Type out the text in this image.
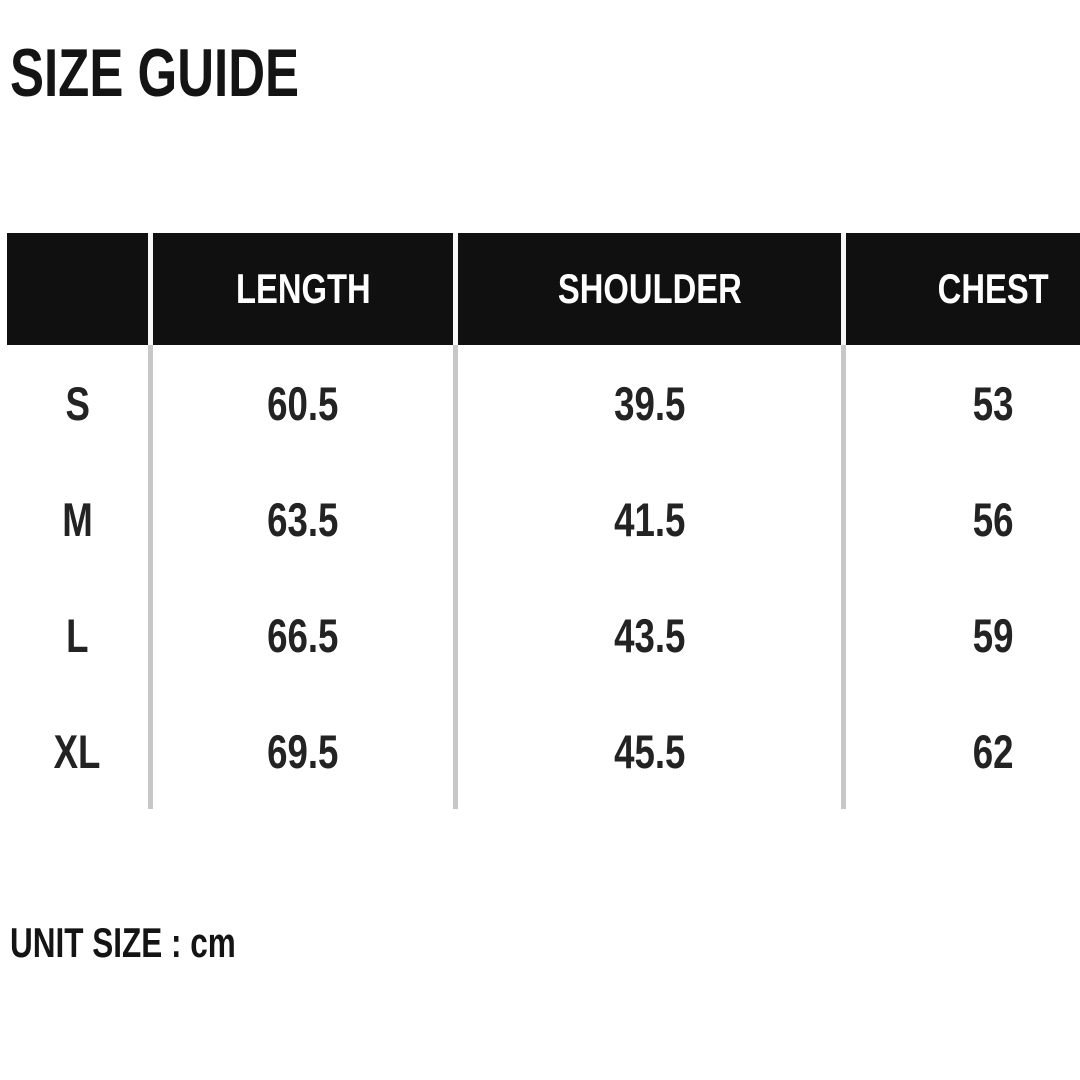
SIZE GUIDE
	LENGTH	SHOULDER	CHEST
S	60.5	39.5	53
M	63.5	41.5	56
L	66.5	43.5	59
XL	69.5	45.5	62
UNIT SIZE : cm
